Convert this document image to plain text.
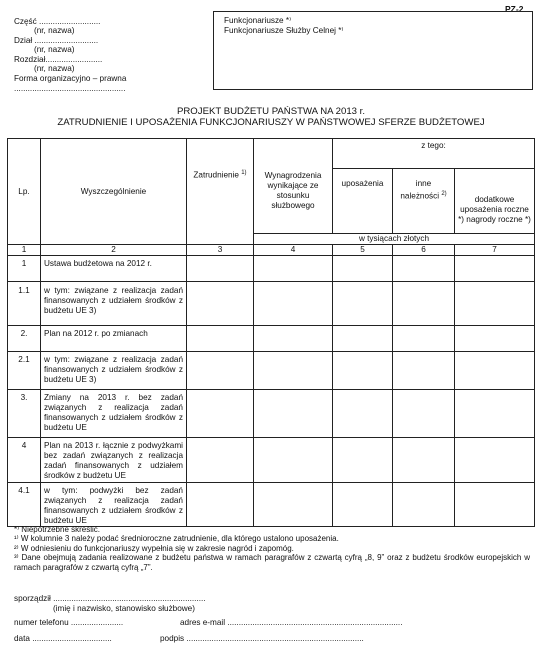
PZ-2
Część ...........................
(nr, nazwa)
Dział ............................
(nr, nazwa)
Rozdział.........................
(nr, nazwa)
Forma organizacyjno – prawna
.................................................
Funkcjonariusze *⁾
Funkcjonariusze Służby Celnej *⁾
PROJEKT BUDŻETU PAŃSTWA NA 2013 r.
ZATRUDNIENIE I UPOSAŻENIA FUNKCJONARIUSZY W PAŃSTWOWEJ SFERZE BUDŻETOWEJ
Lp.	Wyszczególnienie	Zatrudnienie $^{1)}$	Wynagrodzenia wynikające ze stosunku służbowego	z tego:		
				uposażenia	inne należności $^{2)}$	dodatkowe uposażenia roczne *) nagrody roczne *)
			w tysiącach złotych			
1	2	3	4	5	6	7
1	Ustawa budżetowa na 2012 r.					
1.1	w tym: związane z realizacja zadań finansowanych z udziałem środków z budżetu UE 3)					
2.	Plan na 2012 r. po zmianach					
2.1	w tym: związane z realizacja zadań finansowanych z udziałem środków z budżetu UE 3)					
3.	Zmiany na 2013 r. bez zadań związanych z realizacja zadań finansowanych z udziałem środków z budżetu UE					
4	Plan na 2013 r. łącznie z podwyżkami bez zadań związanych z realizacja zadań finansowanych z udziałem środków z budżetu UE					
4.1	w tym: podwyżki bez zadań związanych z realizacja zadań finansowanych z udziałem środków z budżetu UE					
*⁾ Niepotrzebne skreślić.
¹⁾ W kolumnie 3 należy podać średnioroczne zatrudnienie, dla którego ustalono uposażenia.
²⁾ W odniesieniu do funkcjonariuszy wypełnia się w zakresie nagród i zapomóg.
³⁾ Dane obejmują zadania realizowane z budżetu państwa w ramach paragrafów z czwartą cyfrą „8, 9” oraz z budżetu środków europejskich w ramach paragrafów z czwartą cyfrą „7”.
sporządził ...................................................................
(imię i nazwisko, stanowisko służbowe)
numer telefonu .......................	adres e-mail .............................................................................
data ...................................	podpis ..............................................................................
